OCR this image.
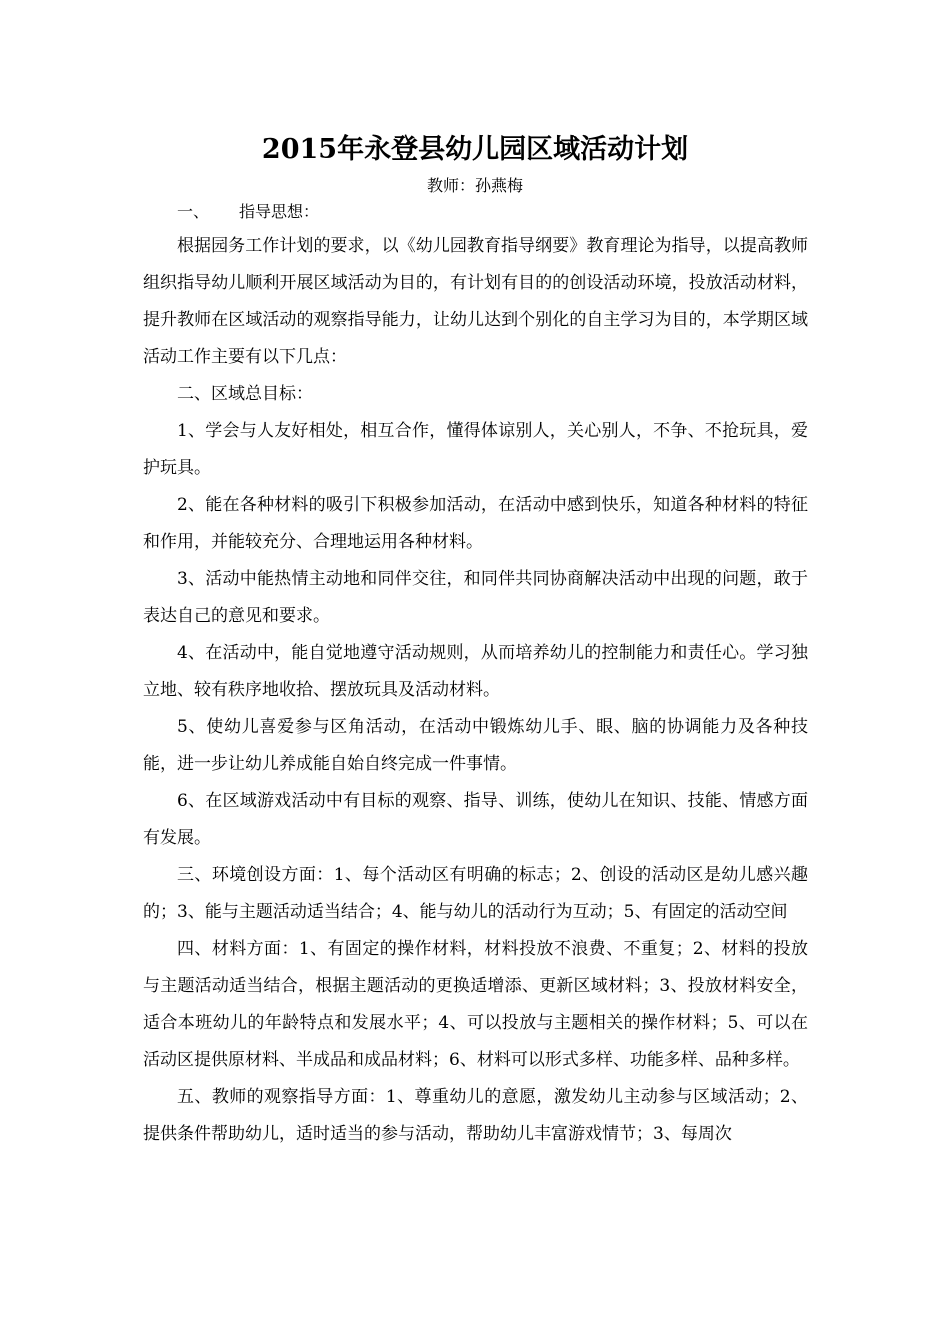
2015年永登县幼儿园区域活动计划
教师：孙燕梅
一、 指导思想：

根据园务工作计划的要求，以《幼儿园教育指导纲要》教育理论为指导，以提高教师组织指导幼儿顺利开展区域活动为目的，有计划有目的的创设活动环境，投放活动材料，提升教师在区域活动的观察指导能力，让幼儿达到个别化的自主学习为目的，本学期区域活动工作主要有以下几点：

二、区域总目标：

1、学会与人友好相处，相互合作，懂得体谅别人，关心别人，不争、不抢玩具，爱护玩具。

2、能在各种材料的吸引下积极参加活动，在活动中感到快乐，知道各种材料的特征和作用，并能较充分、合理地运用各种材料。

3、活动中能热情主动地和同伴交往，和同伴共同协商解决活动中出现的问题，敢于表达自己的意见和要求。

4、在活动中，能自觉地遵守活动规则，从而培养幼儿的控制能力和责任心。学习独立地、较有秩序地收拾、摆放玩具及活动材料。

5、使幼儿喜爱参与区角活动，在活动中锻炼幼儿手、眼、脑的协调能力及各种技能，进一步让幼儿养成能自始自终完成一件事情。

6、在区域游戏活动中有目标的观察、指导、训练，使幼儿在知识、技能、情感方面有发展。

三、环境创设方面：1、每个活动区有明确的标志；2、创设的活动区是幼儿感兴趣的；3、能与主题活动适当结合；4、能与幼儿的活动行为互动；5、有固定的活动空间

四、材料方面：1、有固定的操作材料，材料投放不浪费、不重复；2、材料的投放与主题活动适当结合，根据主题活动的更换适增添、更新区域材料；3、投放材料安全，适合本班幼儿的年龄特点和发展水平；4、可以投放与主题相关的操作材料；5、可以在活动区提供原材料、半成品和成品材料；6、材料可以形式多样、功能多样、品种多样。

五、教师的观察指导方面：1、尊重幼儿的意愿，激发幼儿主动参与区域活动；2、提供条件帮助幼儿，适时适当的参与活动，帮助幼儿丰富游戏情节；3、每周次
